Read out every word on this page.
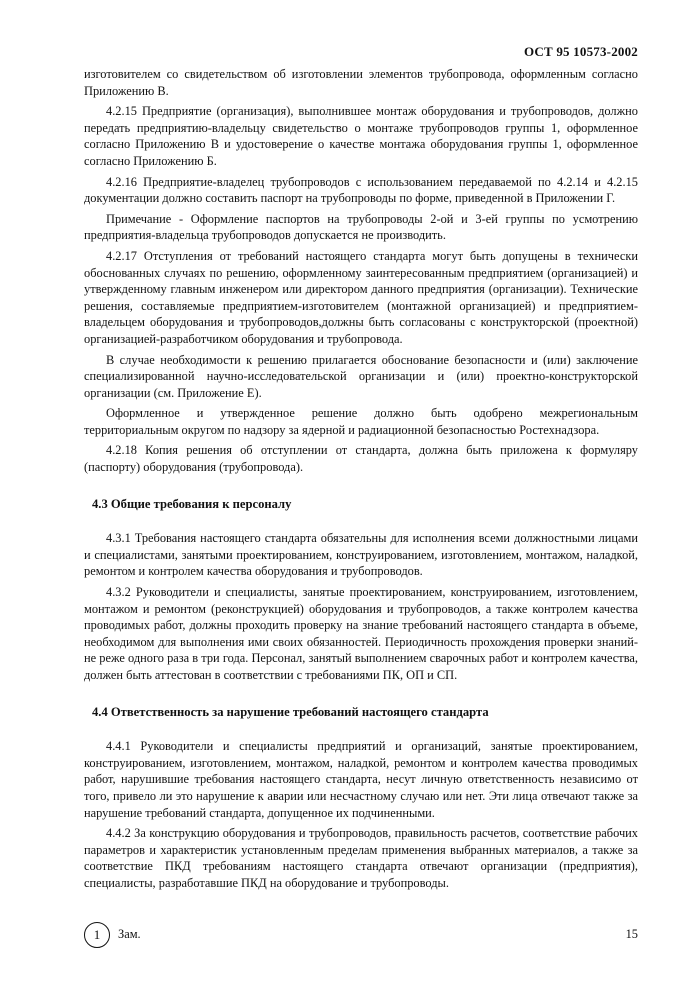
ОСТ 95 10573-2002

изготовителем со свидетельством об изготовлении элементов трубопровода, оформленным согласно Приложению В.

4.2.15 Предприятие (организация), выполнившее монтаж оборудования и трубопроводов, должно передать предприятию-владельцу свидетельство о монтаже трубопроводов группы 1, оформленное согласно Приложению В и удостоверение о качестве монтажа оборудования группы 1, оформленное согласно Приложению Б.

4.2.16 Предприятие-владелец трубопроводов с использованием передаваемой по 4.2.14 и 4.2.15 документации должно составить паспорт на трубопроводы по форме, приведенной в Приложении Г.

Примечание - Оформление паспортов на трубопроводы 2-ой и 3-ей группы по усмотрению предприятия-владельца трубопроводов допускается не производить.

4.2.17 Отступления от требований настоящего стандарта могут быть допущены в технически обоснованных случаях по решению, оформленному заинтересованным предприятием (организацией) и утвержденному главным инженером или директором данного предприятия (организации). Технические решения, составляемые предприятием-изготовителем (монтажной организацией) и предприятием-владельцем оборудования и трубопроводов,должны быть согласованы с конструкторской (проектной) организацией-разработчиком оборудования и трубопровода.

В случае необходимости к решению прилагается обоснование безопасности и (или) заключение специализированной научно-исследовательской организации и (или) проектно-конструкторской организации (см. Приложение Е).

Оформленное и утвержденное решение должно быть одобрено межрегиональным территориальным округом по надзору за ядерной и радиационной безопасностью Ростехнадзора.

4.2.18 Копия решения об отступлении от стандарта, должна быть приложена к формуляру (паспорту) оборудования (трубопровода).

4.3 Общие требования к персоналу

4.3.1 Требования настоящего стандарта обязательны для исполнения всеми должностными лицами и специалистами, занятыми проектированием, конструированием, изготовлением, монтажом, наладкой, ремонтом и контролем качества оборудования и трубопроводов.

4.3.2 Руководители и специалисты, занятые проектированием, конструированием, изготовлением, монтажом и ремонтом (реконструкцией) оборудования и трубопроводов, а также контролем качества проводимых работ, должны проходить проверку на знание требований настоящего стандарта в объеме, необходимом для выполнения ими своих обязанностей. Периодичность прохождения проверки знаний-не реже одного раза в три года. Персонал, занятый выполнением сварочных работ и контролем качества, должен быть аттестован в соответствии с требованиями ПК, ОП и СП.

4.4 Ответственность за нарушение требований настоящего стандарта

4.4.1 Руководители и специалисты предприятий и организаций, занятые проектированием, конструированием, изготовлением, монтажом, наладкой, ремонтом и контролем качества проводимых работ, нарушившие требования настоящего стандарта, несут личную ответственность независимо от того, привело ли это нарушение к аварии или несчастному случаю или нет. Эти лица отвечают также за нарушение требований стандарта, допущенное их подчиненными.

4.4.2 За конструкцию оборудования и трубопроводов, правильность расчетов, соответствие рабочих параметров и характеристик установленным пределам применения выбранных материалов, а также за соответствие ПКД требованиям настоящего стандарта отвечают организации (предприятия), специалисты, разработавшие ПКД на оборудование и трубопроводы.

1	Зам.	15
